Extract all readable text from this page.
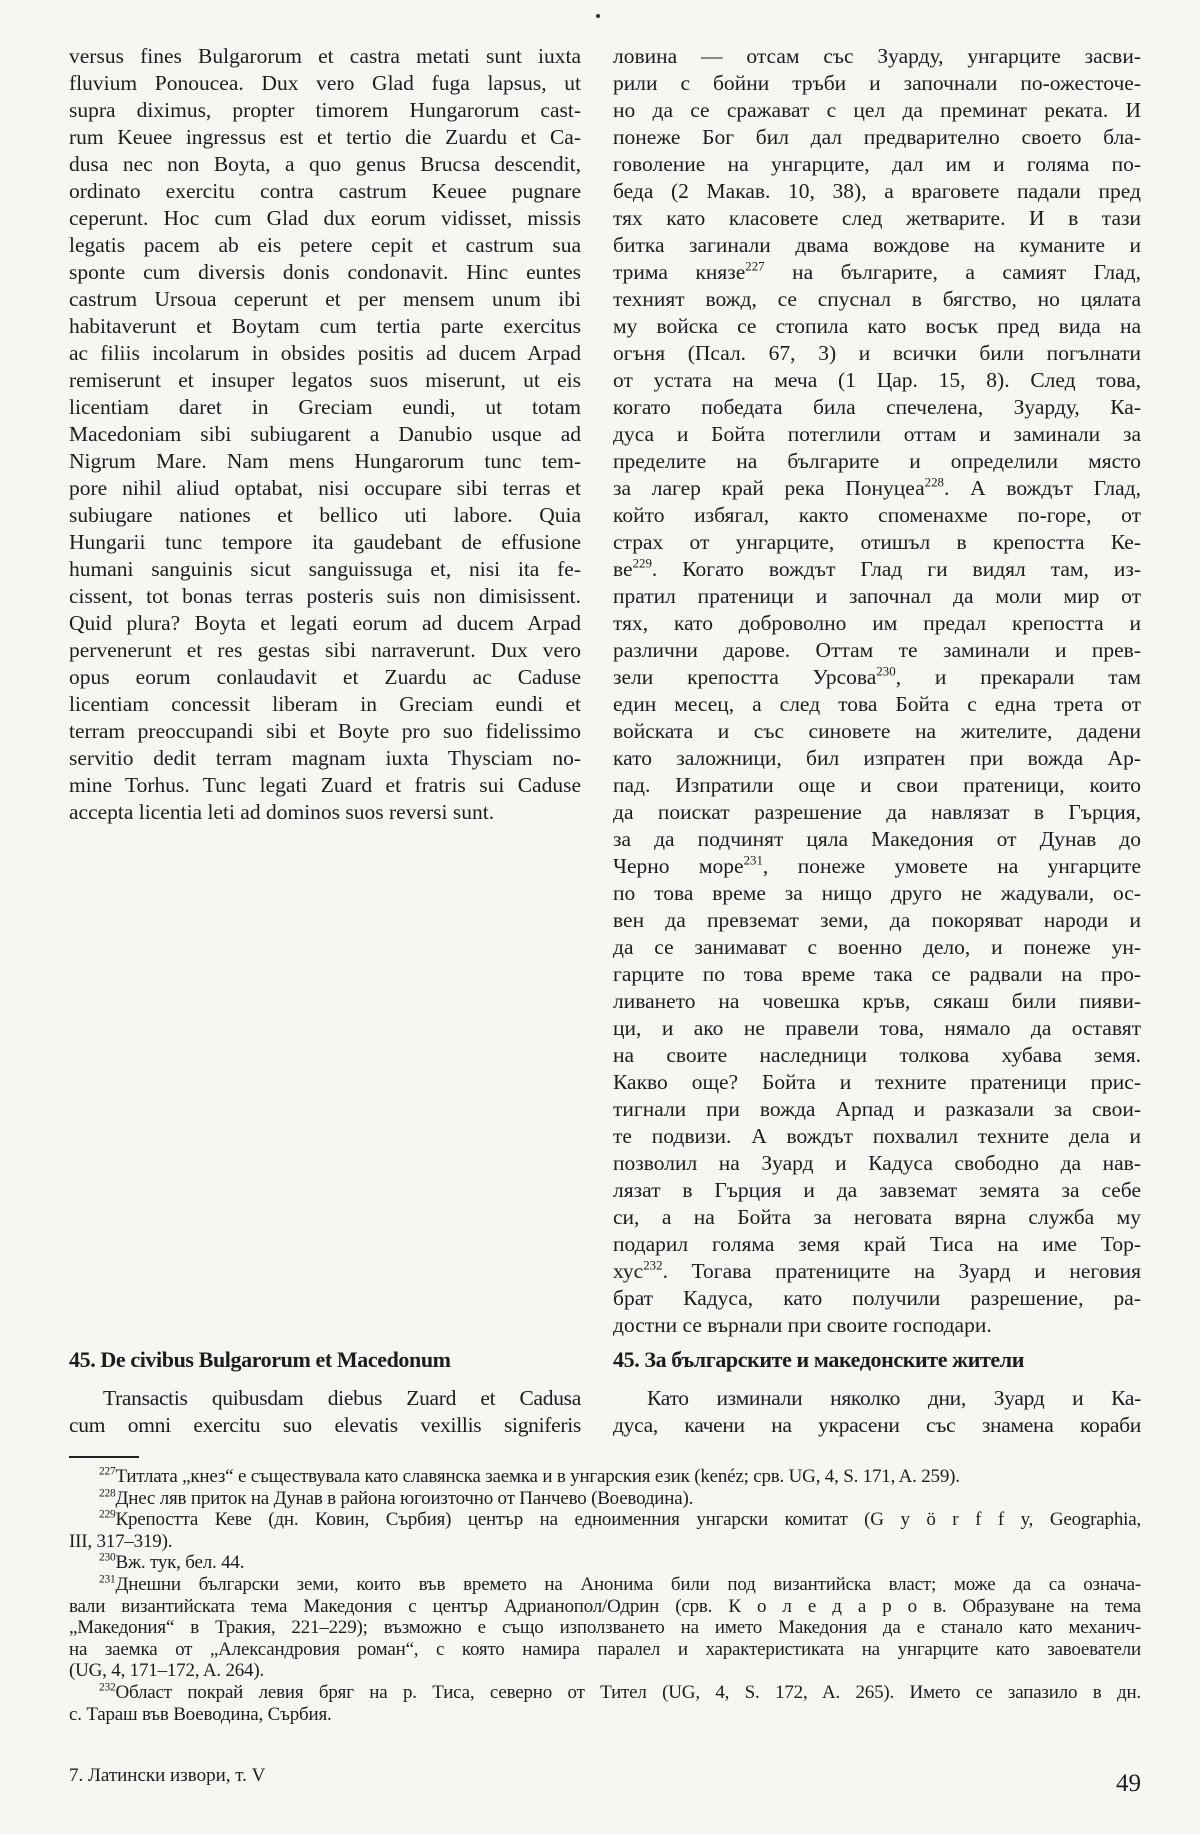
versus fines Bulgarorum et castra metati sunt iuxta
fluvium Ponoucea. Dux vero Glad fuga lapsus, ut
supra diximus, propter timorem Hungarorum cast-
rum Keuee ingressus est et tertio die Zuardu et Ca-
dusa nec non Boyta, a quo genus Brucsa descendit,
ordinato exercitu contra castrum Keuee pugnare
ceperunt. Hoc cum Glad dux eorum vidisset, missis
legatis pacem ab eis petere cepit et castrum sua
sponte cum diversis donis condonavit. Hinc euntes
castrum Ursoua ceperunt et per mensem unum ibi
habitaverunt et Boytam cum tertia parte exercitus
ac filiis incolarum in obsides positis ad ducem Arpad
remiserunt et insuper legatos suos miserunt, ut eis
licentiam daret in Greciam eundi, ut totam
Macedoniam sibi subiugarent a Danubio usque ad
Nigrum Mare. Nam mens Hungarorum tunc tem-
pore nihil aliud optabat, nisi occupare sibi terras et
subiugare nationes et bellico uti labore. Quia
Hungarii tunc tempore ita gaudebant de effusione
humani sanguinis sicut sanguissuga et, nisi ita fe-
cissent, tot bonas terras posteris suis non dimisissent.
Quid plura? Boyta et legati eorum ad ducem Arpad
pervenerunt et res gestas sibi narraverunt. Dux vero
opus eorum conlaudavit et Zuardu ac Caduse
licentiam concessit liberam in Greciam eundi et
terram preoccupandi sibi et Boyte pro suo fidelissimo
servitio dedit terram magnam iuxta Thysciam no-
mine Torhus. Tunc legati Zuard et fratris sui Caduse
accepta licentia leti ad dominos suos reversi sunt.
ловина — отсам със Зуарду, унгарците засви-
рили с бойни тръби и започнали по-ожесточе-
но да се сражават с цел да преминат реката. И
понеже Бог бил дал предварително своето бла-
говоление на унгарците, дал им и голяма по-
беда (2 Макав. 10, 38), а враговете падали пред
тях като класовете след жетварите. И в тази
битка загинали двама вождове на куманите и
трима князе$^{227}$ на българите, а самият Глад,
техният вожд, се спуснал в бягство, но цялата
му войска се стопила като восък пред вида на
огъня (Псал. 67, 3) и всички били погълнати
от устата на меча (1 Цар. 15, 8). След това,
когато победата била спечелена, Зуарду, Ка-
дуса и Бойта потеглили оттам и заминали за
пределите на българите и определили място
за лагер край река Понуцеа$^{228}$. А вождът Глад,
който избягал, както споменахме по-горе, от
страх от унгарците, отишъл в крепостта Ке-
$ве^{229}$. Когато вождът Глад ги видял там, из-
пратил пратеници и започнал да моли мир от
тях, като доброволно им предал крепостта и
различни дарове. Оттам те заминали и прев-
зели крепостта Урсова$^{230}$, и прекарали там
един месец, а след това Бойта с една трета от
войската и със синовете на жителите, дадени
като заложници, бил изпратен при вожда Ар-
пад. Изпратили още и свои пратеници, които
да поискат разрешение да навлязат в Гърция,
за да подчинят цяла Македония от Дунав до
Черно море$^{231}$, понеже умовете на унгарците
по това време за нищо друго не жадували, ос-
вен да превземат земи, да покоряват народи и
да се занимават с военно дело, и понеже ун-
гарците по това време така се радвали на про-
ливането на човешка кръв, сякаш били пияви-
ци, и ако не правели това, нямало да оставят
на своите наследници толкова хубава земя.
Какво още? Бойта и техните пратеници прис-
тигнали при вожда Арпад и разказали за свои-
те подвизи. А вождът похвалил техните дела и
позволил на Зуард и Кадуса свободно да нав-
лязат в Гърция и да завземат земята за себе
си, а на Бойта за неговата вярна служба му
подарил голяма земя край Тиса на име Тор-
хус$^{232}$. Тогава пратениците на Зуард и неговия
брат Кадуса, като получили разрешение, ра-
достни се върнали при своите господари.
45. De civibus Bulgarorum et Macedonum	45. За българските и македонските жители
Transactis quibusdam diebus Zuard et Cadusa
cum omni exercitu suo elevatis vexillis signiferis
Като изминали няколко дни, Зуард и Ка-
дуса, качени на украсени със знамена кораби
$^{227}$Титлата „кнез“ е съществувала като славянска заемка и в унгарския език (kenéz; срв. UG, 4, S. 171, A. 259).
$^{228}$Днес ляв приток на Дунав в района югоизточно от Панчево (Воеводина).
$^{229}$Крепостта Кеве (дн. Ковин, Сърбия) център на едноименния унгарски комитат (G y ö r f f y, Geographia,
III, 317–319).
$^{230}$Вж. тук, бел. 44.
$^{231}$Днешни български земи, които във времето на Анонима били под византийска власт; може да са означа-
вали византийската тема Македония с център Адрианопол/Одрин (срв. К о л е д а р о в. Образуване на тема
„Македония“ в Тракия, 221–229); възможно е също използването на името Македония да е станало като механич-
на заемка от „Александровия роман“, с която намира паралел и характеристиката на унгарците като завоеватели
(UG, 4, 171–172, A. 264).
$^{232}$Област покрай левия бряг на р. Тиса, северно от Тител (UG, 4, S. 172, A. 265). Името се запазило в дн.
с. Тараш във Воеводина, Сърбия.
7. Латински извори, т. V	49
